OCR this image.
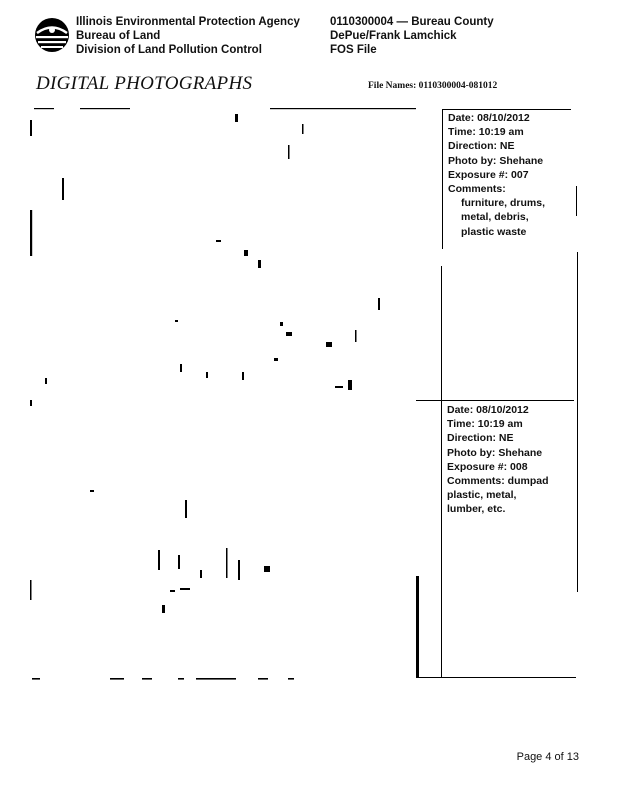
Illinois Environmental Protection Agency
Bureau of Land
Division of Land Pollution Control
0110300004 — Bureau County
DePue/Frank Lamchick
FOS File
DIGITAL PHOTOGRAPHS	File Names: 0110300004-081012
Date: 08/10/2012
Time: 10:19 am
Direction: NE
Photo by: Shehane
Exposure #: 007
Comments:
furniture, drums,
metal, debris,
plastic waste
Date: 08/10/2012
Time: 10:19 am
Direction: NE
Photo by: Shehane
Exposure #: 008
Comments: dumpad
plastic, metal,
lumber, etc.
Page 4 of 13
